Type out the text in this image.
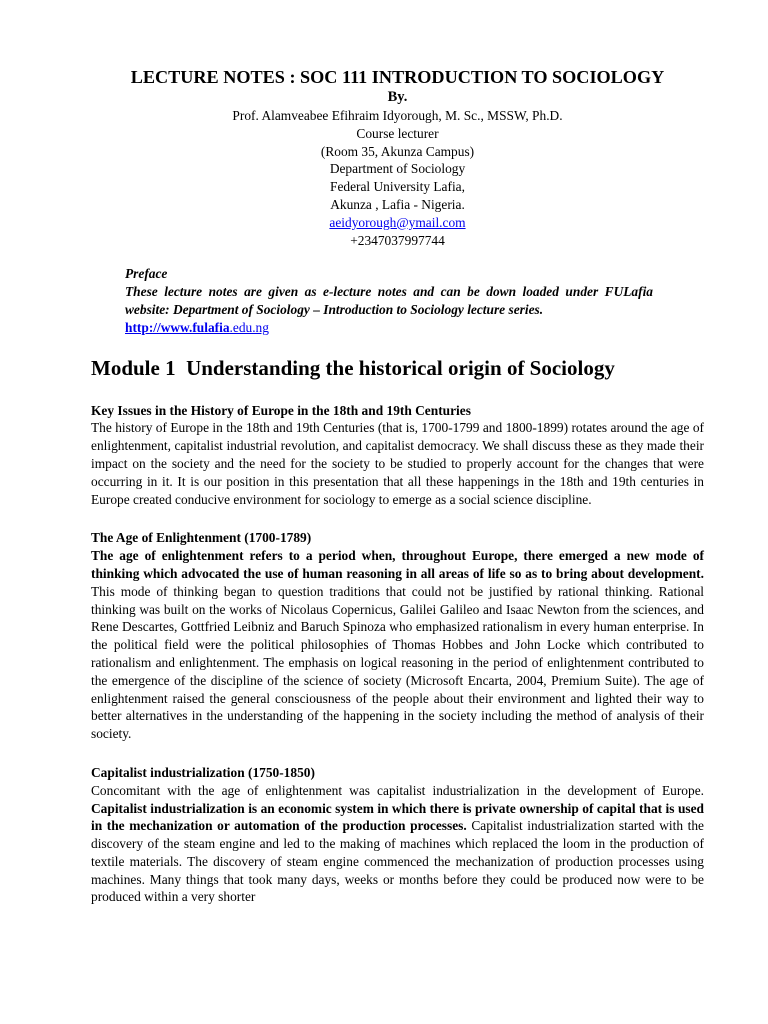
LECTURE NOTES : SOC 111 INTRODUCTION TO SOCIOLOGY
By.
Prof. Alamveabee Efihraim Idyorough, M. Sc., MSSW, Ph.D.
Course lecturer
(Room 35, Akunza Campus)
Department of Sociology
Federal University Lafia,
Akunza , Lafia - Nigeria.
aeidyorough@ymail.com
+2347037997744
Preface
These lecture notes are given as e-lecture notes and can be down loaded under FULafia website: Department of Sociology – Introduction to Sociology lecture series.
http://www.fulafia.edu.ng
Module 1  Understanding the historical origin of Sociology
Key Issues in the History of Europe in the 18th and 19th Centuries
The history of Europe in the 18th and 19th Centuries (that is, 1700-1799 and 1800-1899) rotates around the age of enlightenment, capitalist industrial revolution, and capitalist democracy. We shall discuss these as they made their impact on the society and the need for the society to be studied to properly account for the changes that were occurring in it. It is our position in this presentation that all these happenings in the 18th and 19th centuries in Europe created conducive environment for sociology to emerge as a social science discipline.
The Age of Enlightenment (1700-1789)
The age of enlightenment refers to a period when, throughout Europe, there emerged a new mode of thinking which advocated the use of human reasoning in all areas of life so as to bring about development. This mode of thinking began to question traditions that could not be justified by rational thinking. Rational thinking was built on the works of Nicolaus Copernicus, Galilei Galileo and Isaac Newton from the sciences, and Rene Descartes, Gottfried Leibniz and Baruch Spinoza who emphasized rationalism in every human enterprise. In the political field were the political philosophies of Thomas Hobbes and John Locke which contributed to rationalism and enlightenment. The emphasis on logical reasoning in the period of enlightenment contributed to the emergence of the discipline of the science of society (Microsoft Encarta, 2004, Premium Suite). The age of enlightenment raised the general consciousness of the people about their environment and lighted their way to better alternatives in the understanding of the happening in the society including the method of analysis of their society.
Capitalist industrialization (1750-1850)
Concomitant with the age of enlightenment was capitalist industrialization in the development of Europe. Capitalist industrialization is an economic system in which there is private ownership of capital that is used in the mechanization or automation of the production processes. Capitalist industrialization started with the discovery of the steam engine and led to the making of machines which replaced the loom in the production of textile materials. The discovery of steam engine commenced the mechanization of production processes using machines. Many things that took many days, weeks or months before they could be produced now were to be produced within a very shorter
